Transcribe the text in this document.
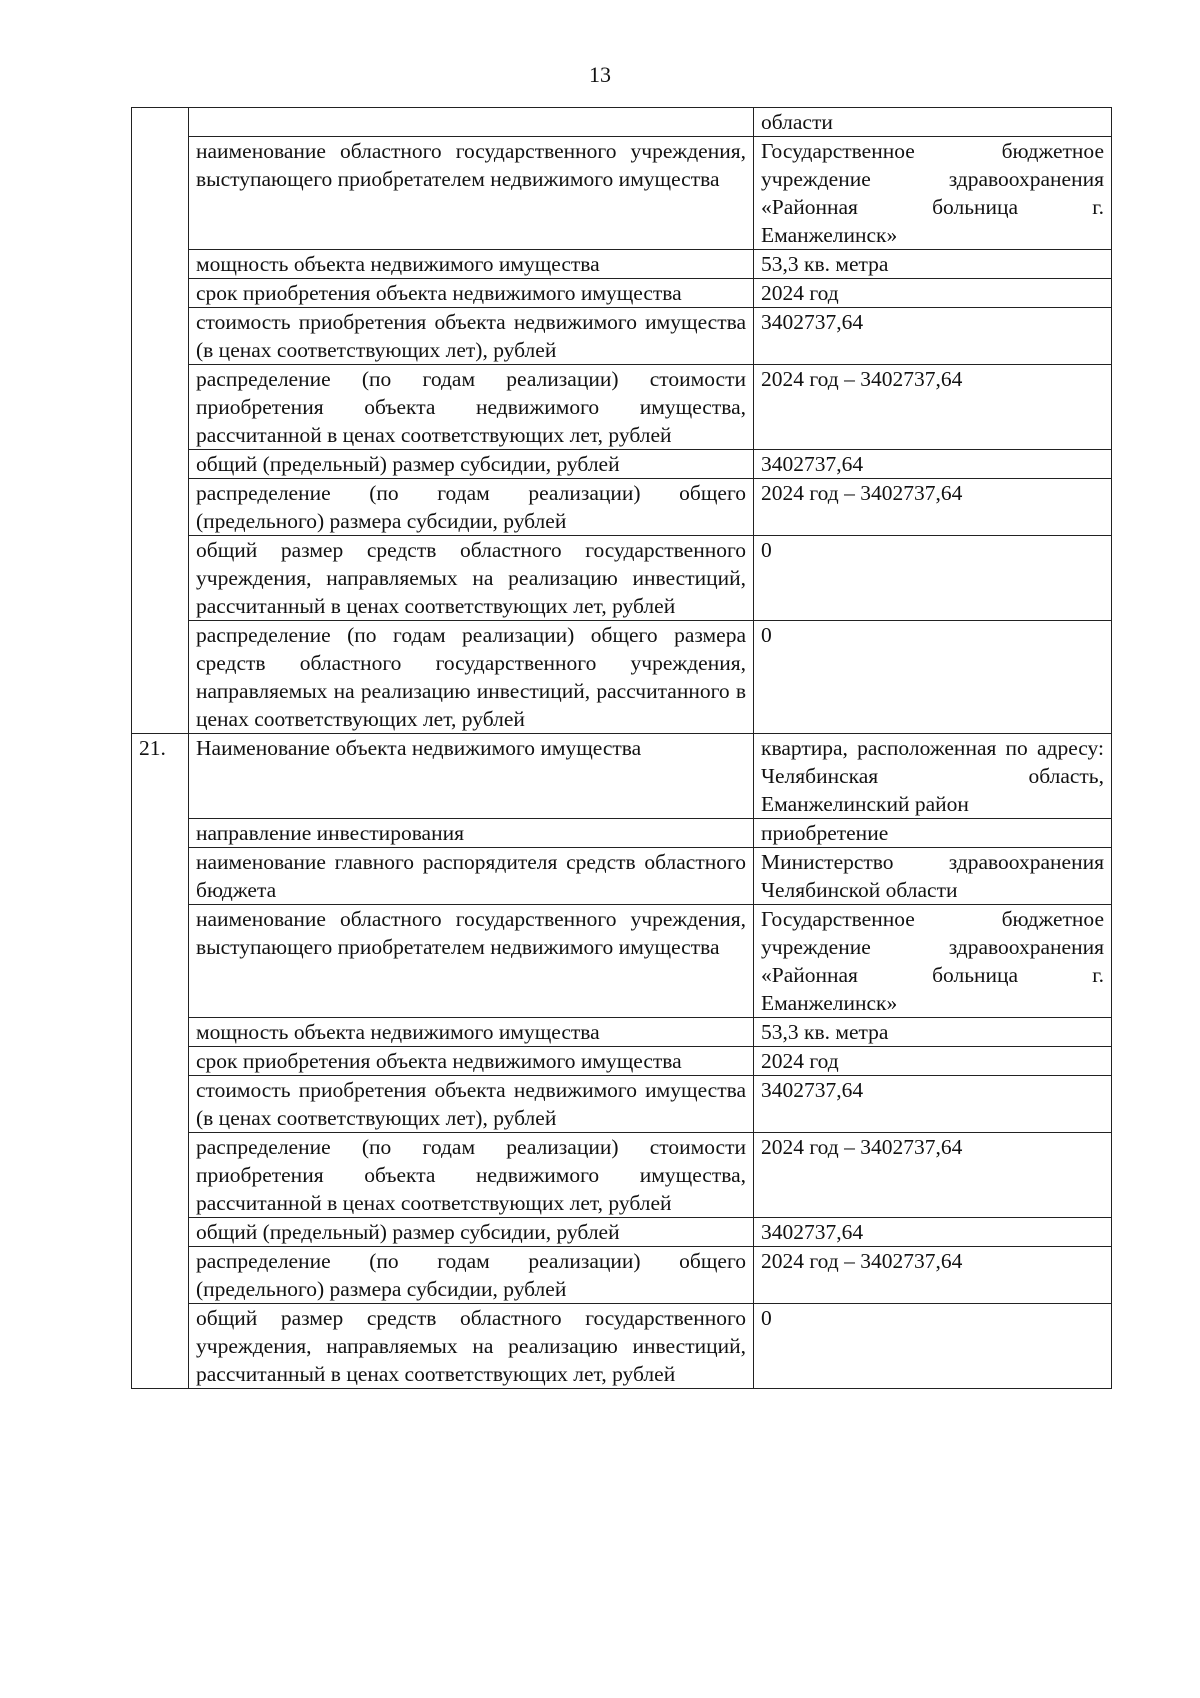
13
		области
	наименование областного государственного учреждения, выступающего приобретателем недвижимого имущества	Государственное бюджетное учреждение здравоохранения «Районная больница г. Еманжелинск»
	мощность объекта недвижимого имущества	53,3 кв. метра
	срок приобретения объекта недвижимого имущества	2024 год
	стоимость приобретения объекта недвижимого имущества (в ценах соответствующих лет), рублей	3402737,64
	распределение (по годам реализации) стоимости приобретения объекта недвижимого имущества, рассчитанной в ценах соответствующих лет, рублей	2024 год – 3402737,64
	общий (предельный) размер субсидии, рублей	3402737,64
	распределение (по годам реализации) общего (предельного) размера субсидии, рублей	2024 год – 3402737,64
	общий размер средств областного государственного учреждения, направляемых на реализацию инвестиций, рассчитанный в ценах соответствующих лет, рублей	0
	распределение (по годам реализации) общего размера средств областного государственного учреждения, направляемых на реализацию инвестиций, рассчитанного в ценах соответствующих лет, рублей	0
21.	Наименование объекта недвижимого имущества	квартира, расположенная по адресу: Челябинская область, Еманжелинский район
	направление инвестирования	приобретение
	наименование главного распорядителя средств областного бюджета	Министерство здравоохранения Челябинской области
	наименование областного государственного учреждения, выступающего приобретателем недвижимого имущества	Государственное бюджетное учреждение здравоохранения «Районная больница г. Еманжелинск»
	мощность объекта недвижимого имущества	53,3 кв. метра
	срок приобретения объекта недвижимого имущества	2024 год
	стоимость приобретения объекта недвижимого имущества (в ценах соответствующих лет), рублей	3402737,64
	распределение (по годам реализации) стоимости приобретения объекта недвижимого имущества, рассчитанной в ценах соответствующих лет, рублей	2024 год – 3402737,64
	общий (предельный) размер субсидии, рублей	3402737,64
	распределение (по годам реализации) общего (предельного) размера субсидии, рублей	2024 год – 3402737,64
	общий размер средств областного государственного учреждения, направляемых на реализацию инвестиций, рассчитанный в ценах соответствующих лет, рублей	0
